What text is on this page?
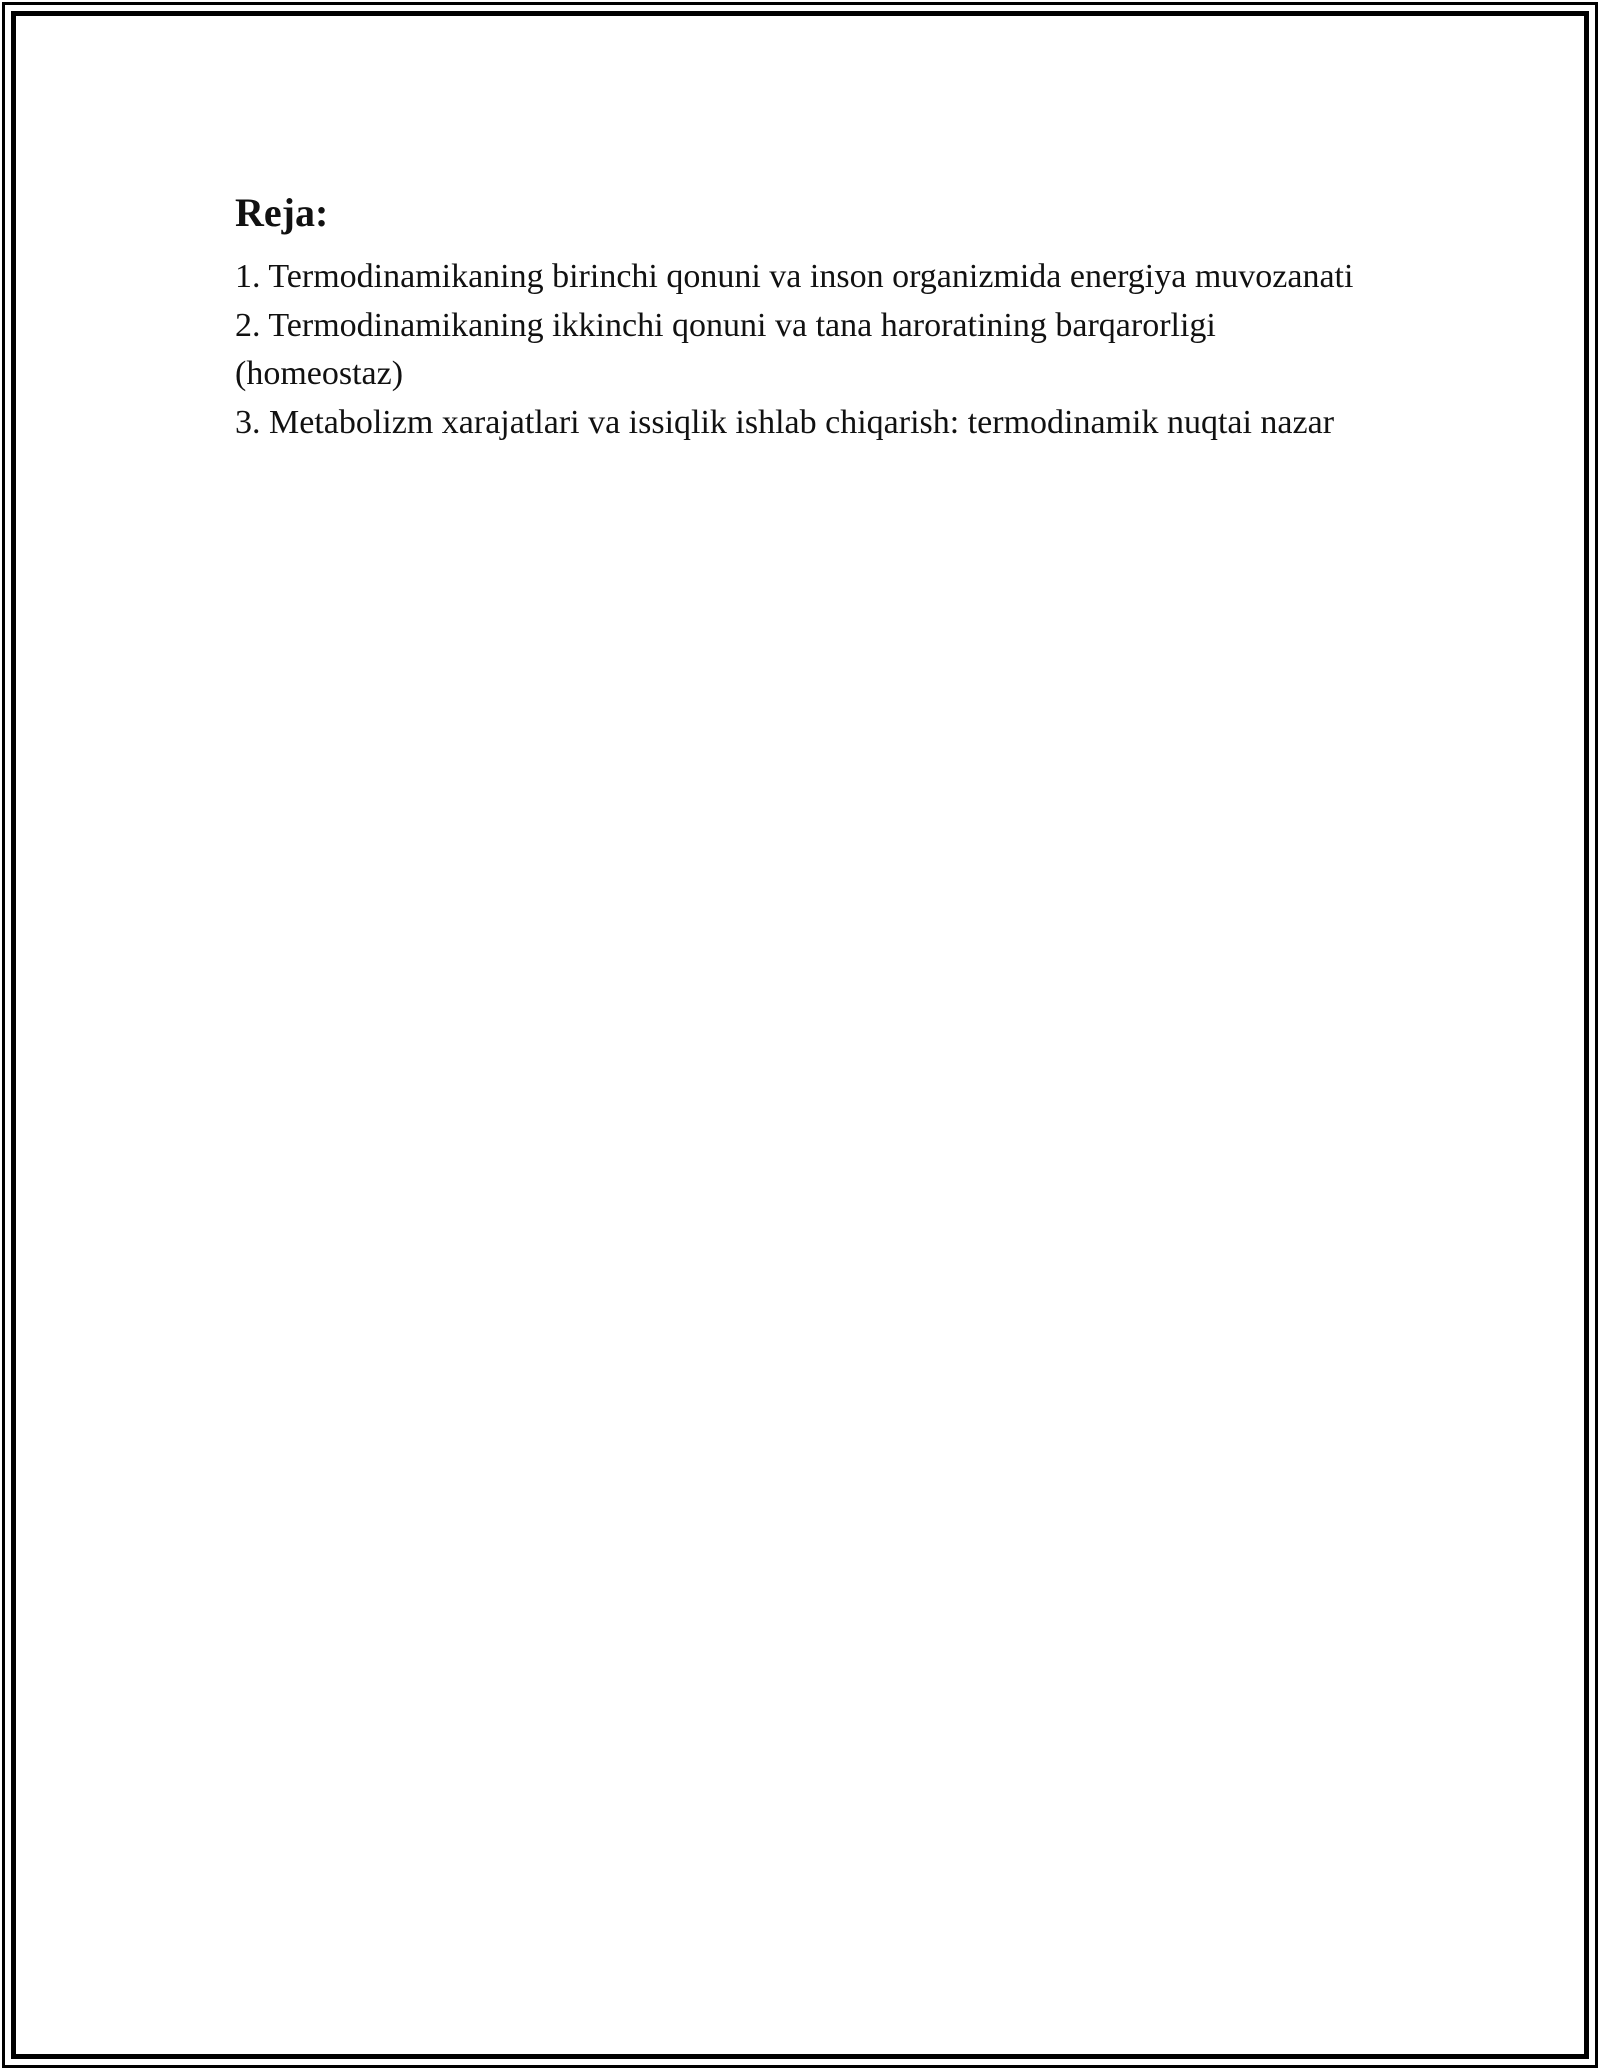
Reja:
1. Termodinamikaning birinchi qonuni va inson organizmida energiya muvozanati
2. Termodinamikaning ikkinchi qonuni va tana haroratining barqarorligi (homeostaz)
3. Metabolizm xarajatlari va issiqlik ishlab chiqarish: termodinamik nuqtai nazar
